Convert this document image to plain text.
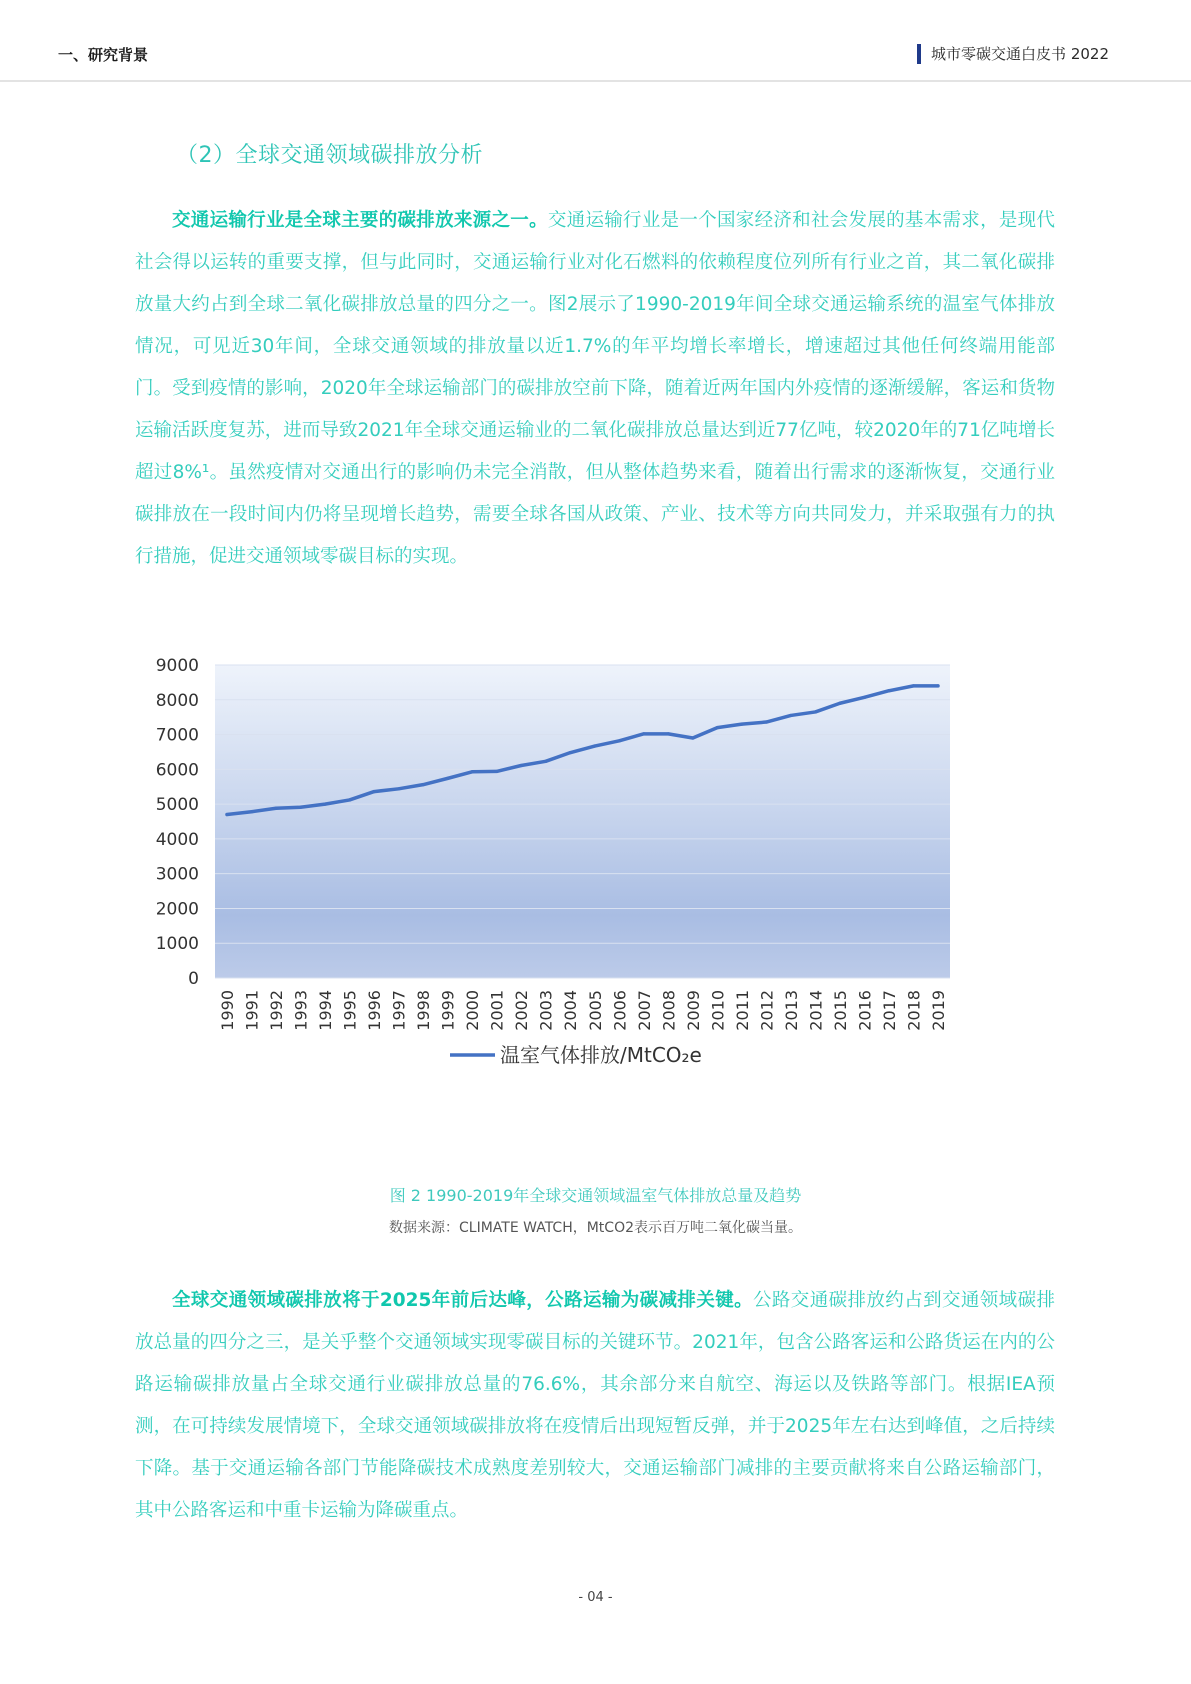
一、研究背景	城市零碳交通白皮书 2022
（2）全球交通领域碳排放分析
交通运输行业是全球主要的碳排放来源之一。交通运输行业是一个国家经济和社会发展的基本需求，是现代社会得以运转的重要支撑，但与此同时，交通运输行业对化石燃料的依赖程度位列所有行业之首，其二氧化碳排放量大约占到全球二氧化碳排放总量的四分之一。图2展示了1990-2019年间全球交通运输系统的温室气体排放情况，可见近30年间，全球交通领域的排放量以近1.7%的年平均增长率增长，增速超过其他任何终端用能部门。受到疫情的影响，2020年全球运输部门的碳排放空前下降，随着近两年国内外疫情的逐渐缓解，客运和货物运输活跃度复苏，进而导致2021年全球交通运输业的二氧化碳排放总量达到近77亿吨，较2020年的71亿吨增长超过8%¹。虽然疫情对交通出行的影响仍未完全消散，但从整体趋势来看，随着出行需求的逐渐恢复，交通行业碳排放在一段时间内仍将呈现增长趋势，需要全球各国从政策、产业、技术等方向共同发力，并采取强有力的执行措施，促进交通领域零碳目标的实现。
0
1000
2000
3000
4000
5000
6000
7000
8000
9000
1990 1991 1992 1993 1994 1995 1996 1997 1998 1999 2000 2001 2002 2003 2004 2005 2006 2007 2008 2009 2010 2011 2012 2013 2014 2015 2016 2017 2018 2019
温室气体排放/MtCO₂e
图 2 1990-2019年全球交通领域温室气体排放总量及趋势
数据来源：CLIMATE WATCH，MtCO2表示百万吨二氧化碳当量。
全球交通领域碳排放将于2025年前后达峰，公路运输为碳减排关键。公路交通碳排放约占到交通领域碳排放总量的四分之三，是关乎整个交通领域实现零碳目标的关键环节。2021年，包含公路客运和公路货运在内的公路运输碳排放量占全球交通行业碳排放总量的76.6%，其余部分来自航空、海运以及铁路等部门。根据IEA预测，在可持续发展情境下，全球交通领域碳排放将在疫情后出现短暂反弹，并于2025年左右达到峰值，之后持续下降。基于交通运输各部门节能降碳技术成熟度差别较大，交通运输部门减排的主要贡献将来自公路运输部门，其中公路客运和中重卡运输为降碳重点。
- 04 -
